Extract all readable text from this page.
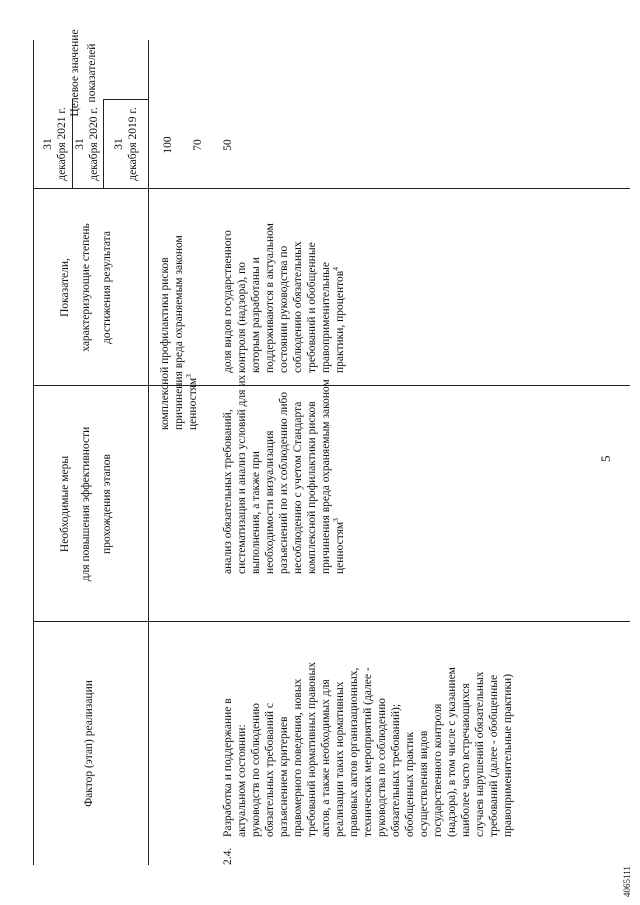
Фактор (этап) реализации
Необходимые меры для повышения эффективности прохождения этапов
Показатели, характеризующие степень достижения результата
Целевое значение показателей
31 декабря 2021 г.
31 декабря 2020 г.
31 декабря 2019 г.
комплексной профилактики рисков причинения вреда охраняемым законом ценностям$^3$
2.4.
Разработка и поддержание в актуальном состоянии: руководств по соблюдению обязательных требований с разъяснением критериев правомерного поведения, новых требований нормативных правовых актов, а также необходимых для реализации таких нормативных правовых актов организационных, технических мероприятий (далее - руководства по соблюдению обязательных требований); обобщенных практик осуществления видов государственного контроля (надзора), в том числе с указанием наиболее часто встречающихся случаев нарушений обязательных требований (далее - обобщенные правоприменительные практики)
анализ обязательных требований, систематизация и анализ условий для их выполнения, а также при необходимости визуализация разъяснений по их соблюдению либо несоблюдению с учетом Стандарта комплексной профилактики рисков причинения вреда охраняемым законом ценностям$^3$
доля видов государственного контроля (надзора), по которым разработаны и поддерживаются в актуальном состоянии руководства по соблюдению обязательных требований и обобщенные правоприменительные практики, процентов$^4$
50
70
100
5
4065111
